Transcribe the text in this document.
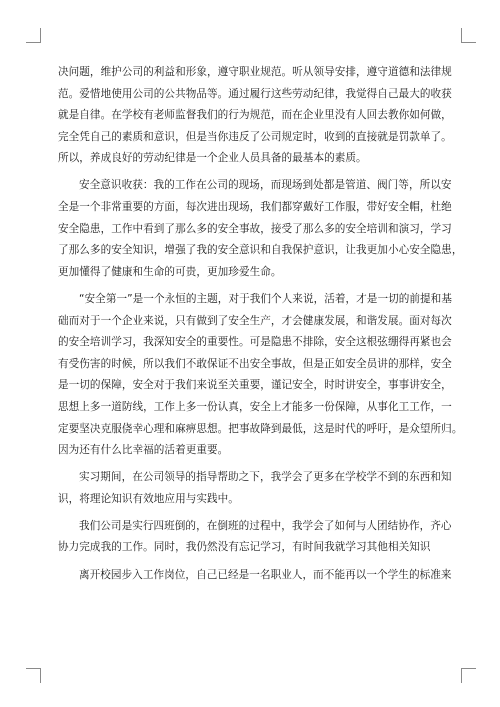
决问题，维护公司的利益和形象，遵守职业规范。听从领导安排，遵守道德和法律规
范。爱惜地使用公司的公共物品等。通过履行这些劳动纪律，我觉得自己最大的收获
就是自律。在学校有老师监督我们的行为规范，而在企业里没有人回去教你如何做，
完全凭自己的素质和意识，但是当你违反了公司规定时，收到的直接就是罚款单了。
所以，养成良好的劳动纪律是一个企业人员具备的最基本的素质。

安全意识收获：我的工作在公司的现场，而现场到处都是管道、阀门等，所以安
全是一个非常重要的方面，每次进出现场，我们都穿戴好工作服，带好安全帽，杜绝
安全隐患，工作中看到了那么多的安全事故，接受了那么多的安全培训和演习，学习
了那么多的安全知识，增强了我的安全意识和自我保护意识，让我更加小心安全隐患，
更加懂得了健康和生命的可贵，更加珍爱生命。

“安全第一”是一个永恒的主题，对于我们个人来说，活着，才是一切的前提和基
础而对于一个企业来说，只有做到了安全生产，才会健康发展，和谐发展。面对每次
的安全培训学习，我深知安全的重要性。可是隐患不排除，安全这根弦绷得再紧也会
有受伤害的时候，所以我们不敢保证不出安全事故，但是正如安全员讲的那样，安全
是一切的保障，安全对于我们来说至关重要，谨记安全，时时讲安全，事事讲安全，
思想上多一道防线，工作上多一份认真，安全上才能多一份保障，从事化工工作，一
定要坚决克服侥幸心理和麻痹思想。把事故降到最低，这是时代的呼吁，是众望所归。
因为还有什么比幸福的活着更重要。

实习期间，在公司领导的指导帮助之下，我学会了更多在学校学不到的东西和知
识，将理论知识有效地应用与实践中。

我们公司是实行四班倒的，在倒班的过程中，我学会了如何与人团结协作，齐心
协力完成我的工作。同时，我仍然没有忘记学习，有时间我就学习其他相关知识

离开校园步入工作岗位，自己已经是一名职业人，而不能再以一个学生的标准来
